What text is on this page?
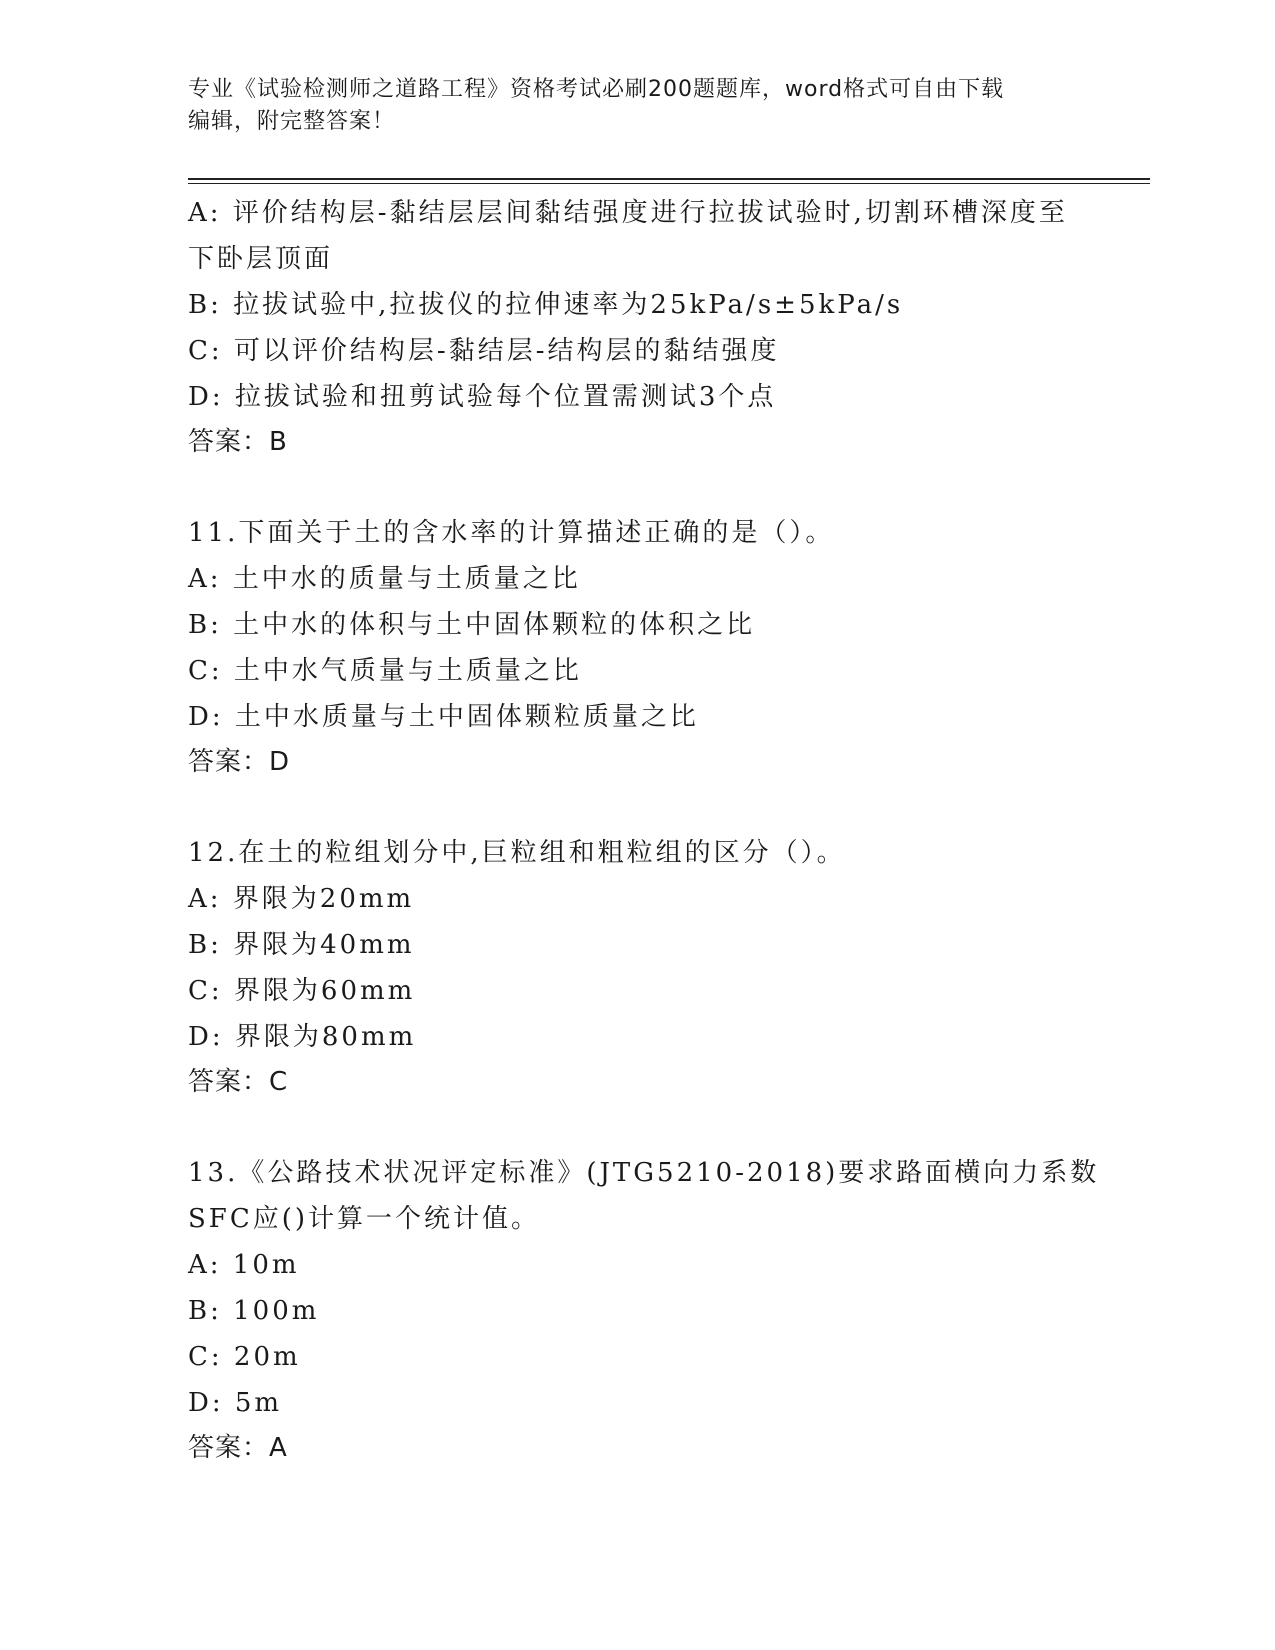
专业《试验检测师之道路工程》资格考试必刷200题题库，word格式可自由下载
编辑，附完整答案！
A: 评价结构层-黏结层层间黏结强度进行拉拔试验时,切割环槽深度至
下卧层顶面
B: 拉拔试验中,拉拔仪的拉伸速率为25kPa/s±5kPa/s
C: 可以评价结构层-黏结层-结构层的黏结强度
D: 拉拔试验和扭剪试验每个位置需测试3个点
答案：B
11.下面关于土的含水率的计算描述正确的是（）。
A: 土中水的质量与土质量之比
B: 土中水的体积与土中固体颗粒的体积之比
C: 土中水气质量与土质量之比
D: 土中水质量与土中固体颗粒质量之比
答案：D
12.在土的粒组划分中,巨粒组和粗粒组的区分（）。
A: 界限为20mm
B: 界限为40mm
C: 界限为60mm
D: 界限为80mm
答案：C
13.《公路技术状况评定标准》(JTG5210-2018)要求路面横向力系数
SFC应()计算一个统计值。
A: 10m
B: 100m
C: 20m
D: 5m
答案：A
